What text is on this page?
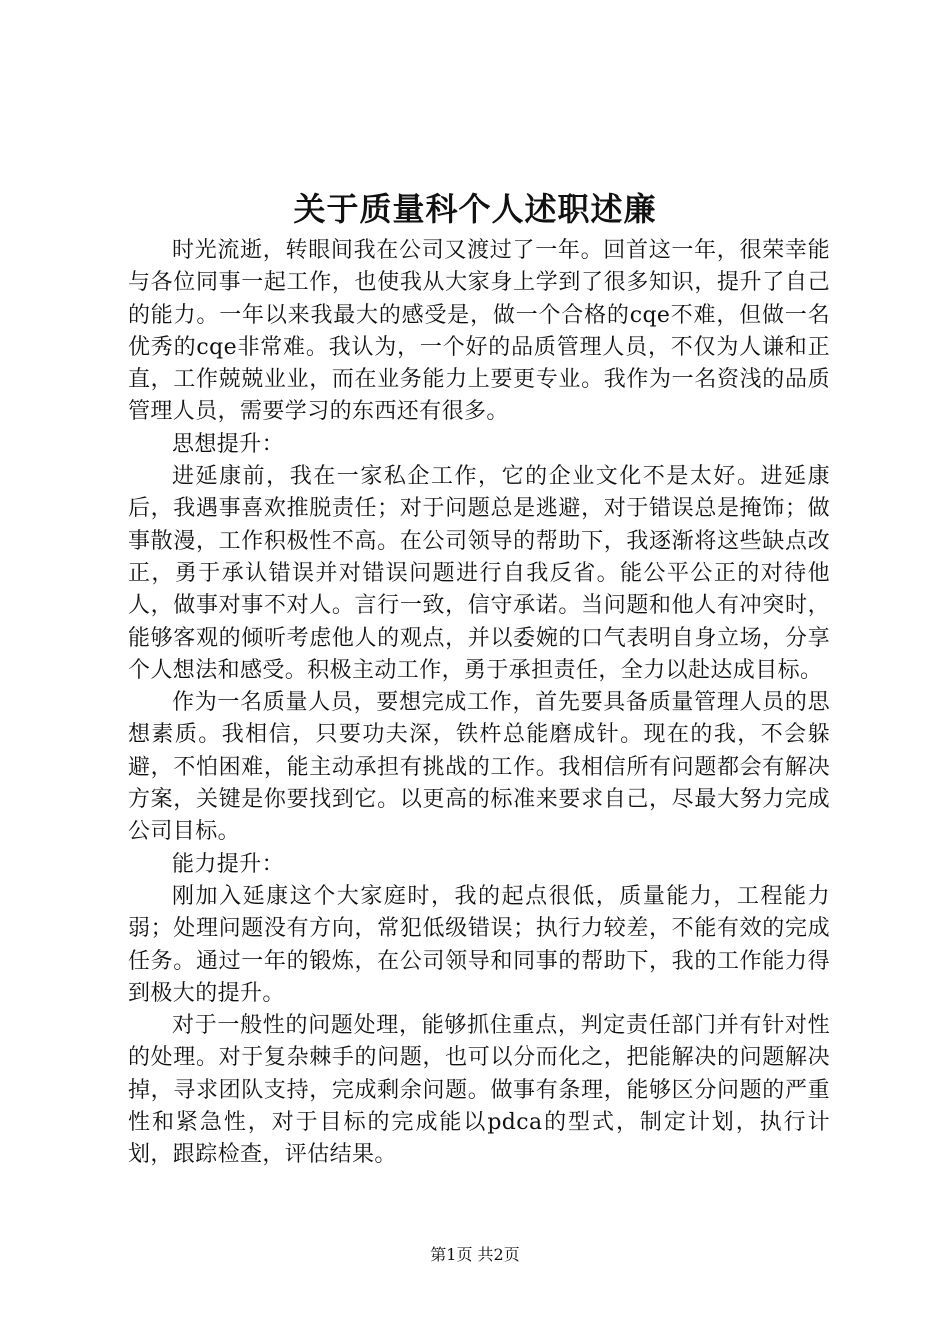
关于质量科个人述职述廉

时光流逝，转眼间我在公司又渡过了一年。回首这一年，很荣幸能与各位同事一起工作，也使我从大家身上学到了很多知识，提升了自己的能力。一年以来我最大的感受是，做一个合格的cqe不难，但做一名优秀的cqe非常难。我认为，一个好的品质管理人员，不仅为人谦和正直，工作兢兢业业，而在业务能力上要更专业。我作为一名资浅的品质管理人员，需要学习的东西还有很多。

思想提升：

进延康前，我在一家私企工作，它的企业文化不是太好。进延康后，我遇事喜欢推脱责任；对于问题总是逃避，对于错误总是掩饰；做事散漫，工作积极性不高。在公司领导的帮助下，我逐渐将这些缺点改正，勇于承认错误并对错误问题进行自我反省。能公平公正的对待他人，做事对事不对人。言行一致，信守承诺。当问题和他人有冲突时，能够客观的倾听考虑他人的观点，并以委婉的口气表明自身立场，分享个人想法和感受。积极主动工作，勇于承担责任，全力以赴达成目标。

作为一名质量人员，要想完成工作，首先要具备质量管理人员的思想素质。我相信，只要功夫深，铁杵总能磨成针。现在的我，不会躲避，不怕困难，能主动承担有挑战的工作。我相信所有问题都会有解决方案，关键是你要找到它。以更高的标准来要求自己，尽最大努力完成公司目标。

能力提升：

刚加入延康这个大家庭时，我的起点很低，质量能力，工程能力弱；处理问题没有方向，常犯低级错误；执行力较差，不能有效的完成任务。通过一年的锻炼，在公司领导和同事的帮助下，我的工作能力得到极大的提升。

对于一般性的问题处理，能够抓住重点，判定责任部门并有针对性的处理。对于复杂棘手的问题，也可以分而化之，把能解决的问题解决掉，寻求团队支持，完成剩余问题。做事有条理，能够区分问题的严重性和紧急性，对于目标的完成能以pdca的型式，制定计划，执行计划，跟踪检查，评估结果。

第1页 共2页
